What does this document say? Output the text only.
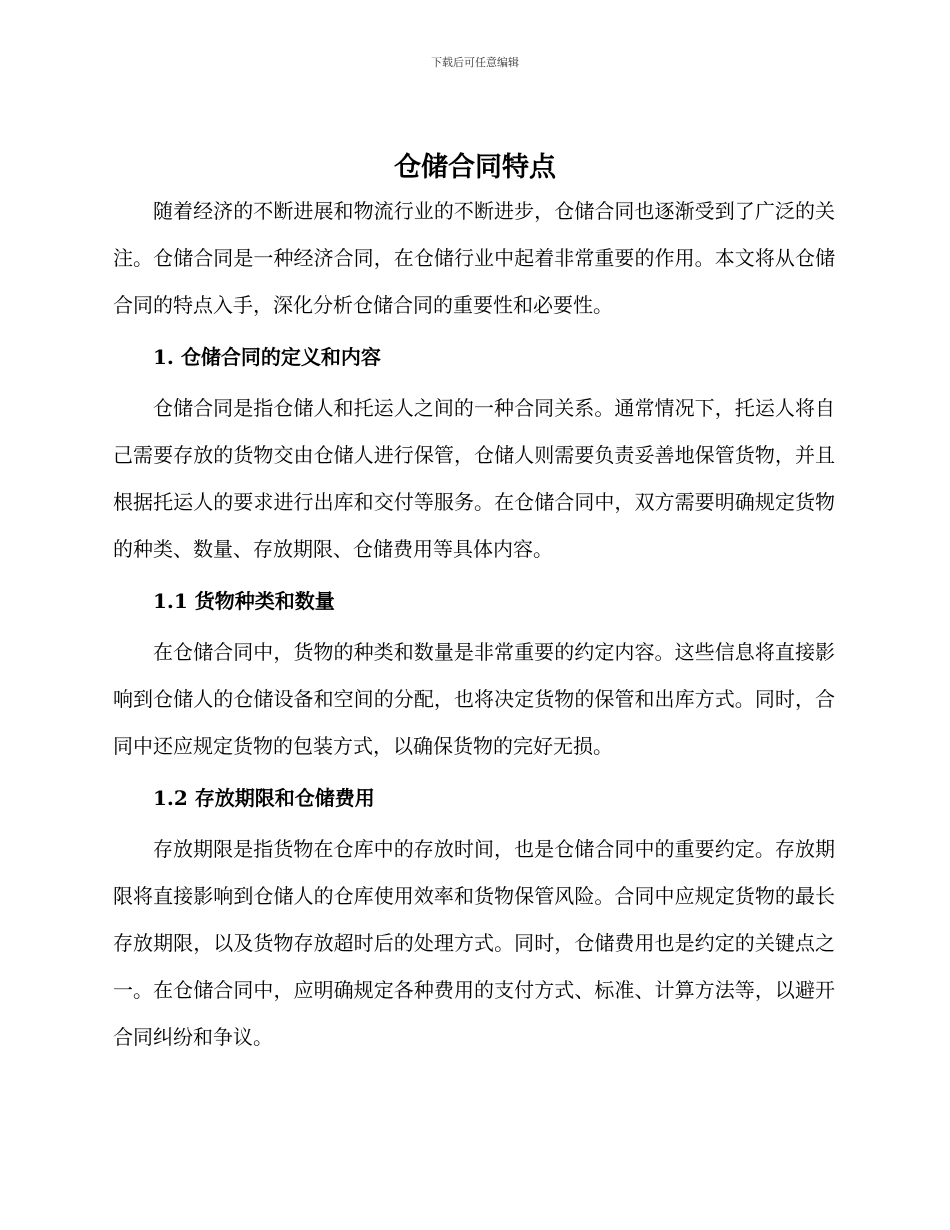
下载后可任意编辑
仓储合同特点

随着经济的不断进展和物流行业的不断进步，仓储合同也逐渐受到了广泛的关注。仓储合同是一种经济合同，在仓储行业中起着非常重要的作用。本文将从仓储合同的特点入手，深化分析仓储合同的重要性和必要性。

1. 仓储合同的定义和内容

仓储合同是指仓储人和托运人之间的一种合同关系。通常情况下，托运人将自己需要存放的货物交由仓储人进行保管，仓储人则需要负责妥善地保管货物，并且根据托运人的要求进行出库和交付等服务。在仓储合同中，双方需要明确规定货物的种类、数量、存放期限、仓储费用等具体内容。

1.1 货物种类和数量

在仓储合同中，货物的种类和数量是非常重要的约定内容。这些信息将直接影响到仓储人的仓储设备和空间的分配，也将决定货物的保管和出库方式。同时，合同中还应规定货物的包装方式，以确保货物的完好无损。

1.2 存放期限和仓储费用

存放期限是指货物在仓库中的存放时间，也是仓储合同中的重要约定。存放期限将直接影响到仓储人的仓库使用效率和货物保管风险。合同中应规定货物的最长存放期限，以及货物存放超时后的处理方式。同时，仓储费用也是约定的关键点之一。在仓储合同中，应明确规定各种费用的支付方式、标准、计算方法等，以避开合同纠纷和争议。
